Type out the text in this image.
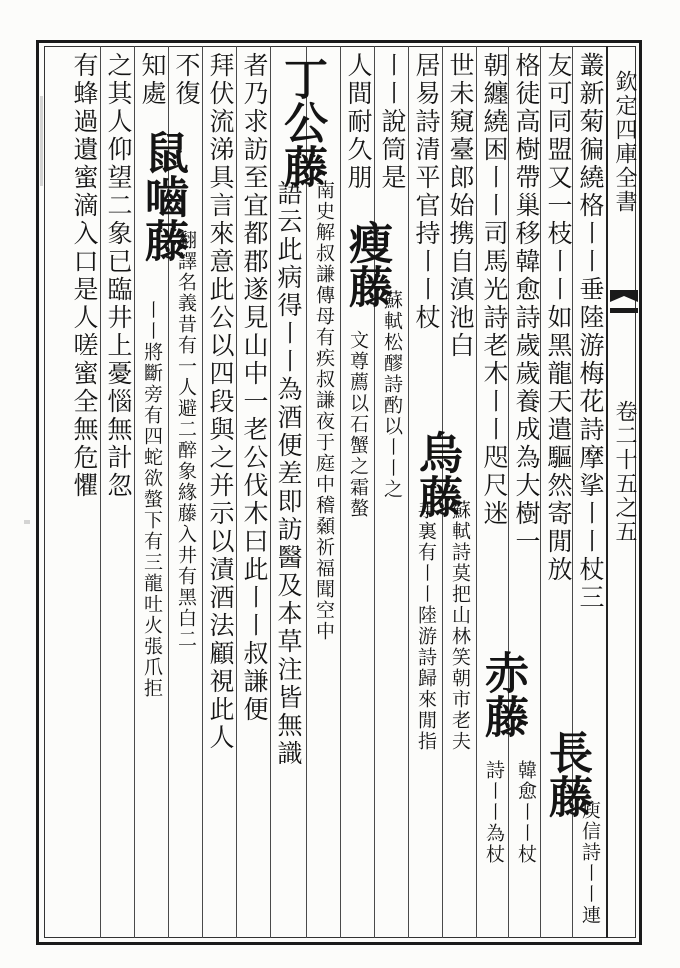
欽定四庫全書
卷二十五之五
叢新菊徧繞格〡〡垂陸游梅花詩摩挲〡〡杖三
友可同盟又一枝〡〡如黑龍天遣驅然寄閒放
長藤
庾信詩〡〡連
格徒高樹帶巢移韓愈詩歲歲養成為大樹一
韓愈〡〡杖
朝纏繞困〡〡司馬光詩老木〡〡咫尺迷
赤藤
詩〡〡為杖
世未窺臺郎始携自滇池白
烏藤
蘇軾詩莫把山林笑朝市老夫
居易詩清平官持〡〡杖
手裏有〡〡陸游詩歸來閒指
〡〡說筒是
蘇軾松醪詩酌以〡〡之
人間耐久朋
瘦藤
文尊薦以石蟹之霜螯
丁公藤
南史解叔謙傳母有疾叔謙夜于庭中稽顙祈福聞空中
語云此病得〡〡為酒便差即訪醫及本草注皆無識
者乃求訪至宜都郡遂見山中一老公伐木曰此〡〡叔謙便
拜伏流涕具言來意此公以四段與之并示以漬酒法顧視此人
不復
知處
鼠嚙藤
翻譯名義昔有一人避二醉象緣藤入井有黑白二
〡〡將斷旁有四蛇欲螫下有三龍吐火張爪拒
之其人仰望二象已臨井上憂惱無計忽
有蜂過遺蜜滴入口是人嗟蜜全無危懼
